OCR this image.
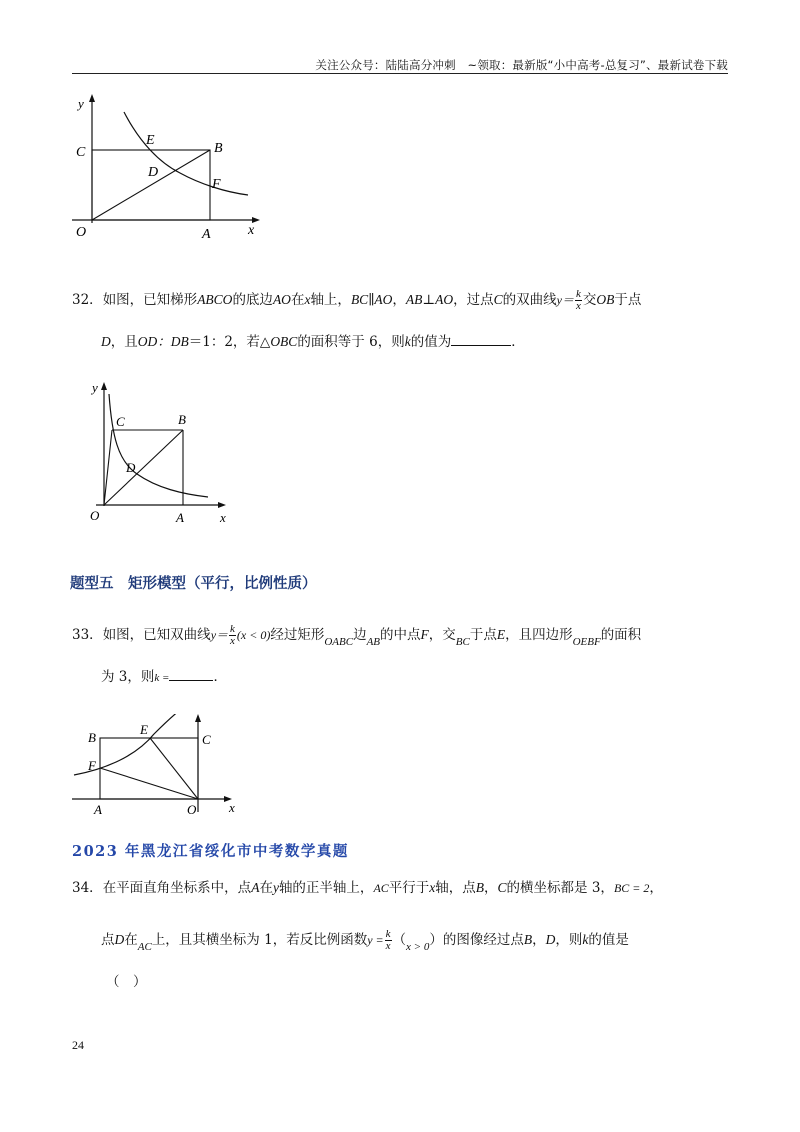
关注公众号：陆陆高分冲刺　~领取：最新版“小中高考-总复习”、最新试卷下载
y
x
O	A
B
C
D
E
F
32．如图，已知梯形ABCO的底边AO在x轴上，BC∥AO，AB⊥AO，过点C的双曲线$y= \frac{k}{x}$ 交OB于点
D，且OD：DB＝1：2，若△OBC的面积等于 6，则k的值为	．
y
x
O	A
B
C
D
题型五　矩形模型（平行，比例性质）
33．如图，已知双曲线$y= \frac{k}{x} (x < 0)$经过矩形$_{OABC}$边$_{AB}$的中点F，交$_{BC}$于点E，且四边形$_{OEBF}$的面积
为 3，则k =	．
B
E
C
F
A	O	x
2023 年黑龙江省绥化市中考数学真题
34．在平面直角坐标系中，点A在y轴的正半轴上，AC平行于x轴，点B，C的横坐标都是 3，BC = 2，
点D在$_{AC}$上，且其横坐标为 1，若反比例函数$y = \frac{k}{x} (_{x > 0})$的图像经过点B，D，则k的值是
（　）
24
